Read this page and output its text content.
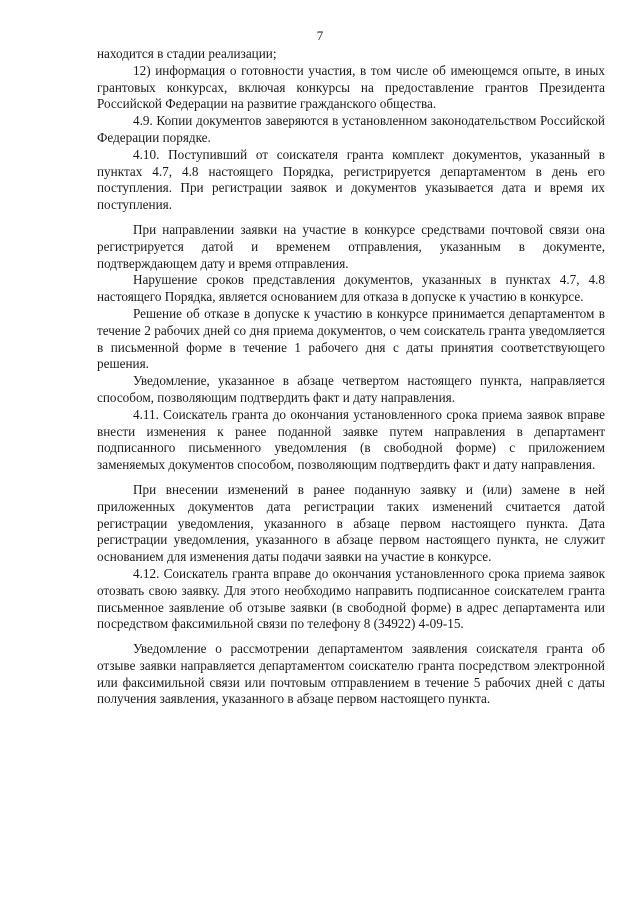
7

находится в стадии реализации;

12) информация о готовности участия, в том числе об имеющемся опыте, в иных грантовых конкурсах, включая конкурсы на предоставление грантов Президента Российской Федерации на развитие гражданского общества.

4.9. Копии документов заверяются в установленном законодательством Российской Федерации порядке.

4.10. Поступивший от соискателя гранта комплект документов, указанный в пунктах 4.7, 4.8 настоящего Порядка, регистрируется департаментом в день его поступления. При регистрации заявок и документов указывается дата и время их поступления.

При направлении заявки на участие в конкурсе средствами почтовой связи она регистрируется датой и временем отправления, указанным в документе, подтверждающем дату и время отправления.

Нарушение сроков представления документов, указанных в пунктах 4.7, 4.8 настоящего Порядка, является основанием для отказа в допуске к участию в конкурсе.

Решение об отказе в допуске к участию в конкурсе принимается департаментом в течение 2 рабочих дней со дня приема документов, о чем соискатель гранта уведомляется в письменной форме в течение 1 рабочего дня с даты принятия соответствующего решения.

Уведомление, указанное в абзаце четвертом настоящего пункта, направляется способом, позволяющим подтвердить факт и дату направления.

4.11. Соискатель гранта до окончания установленного срока приема заявок вправе внести изменения к ранее поданной заявке путем направления в департамент подписанного письменного уведомления (в свободной форме) с приложением заменяемых документов способом, позволяющим подтвердить факт и дату направления.

При внесении изменений в ранее поданную заявку и (или) замене в ней приложенных документов дата регистрации таких изменений считается датой регистрации уведомления, указанного в абзаце первом настоящего пункта. Дата регистрации уведомления, указанного в абзаце первом настоящего пункта, не служит основанием для изменения даты подачи заявки на участие в конкурсе.

4.12. Соискатель гранта вправе до окончания установленного срока приема заявок отозвать свою заявку. Для этого необходимо направить подписанное соискателем гранта письменное заявление об отзыве заявки (в свободной форме) в адрес департамента или посредством факсимильной связи по телефону 8 (34922) 4-09-15.

Уведомление о рассмотрении департаментом заявления соискателя гранта об отзыве заявки направляется департаментом соискателю гранта посредством электронной или факсимильной связи или почтовым отправлением в течение 5 рабочих дней с даты получения заявления, указанного в абзаце первом настоящего пункта.
